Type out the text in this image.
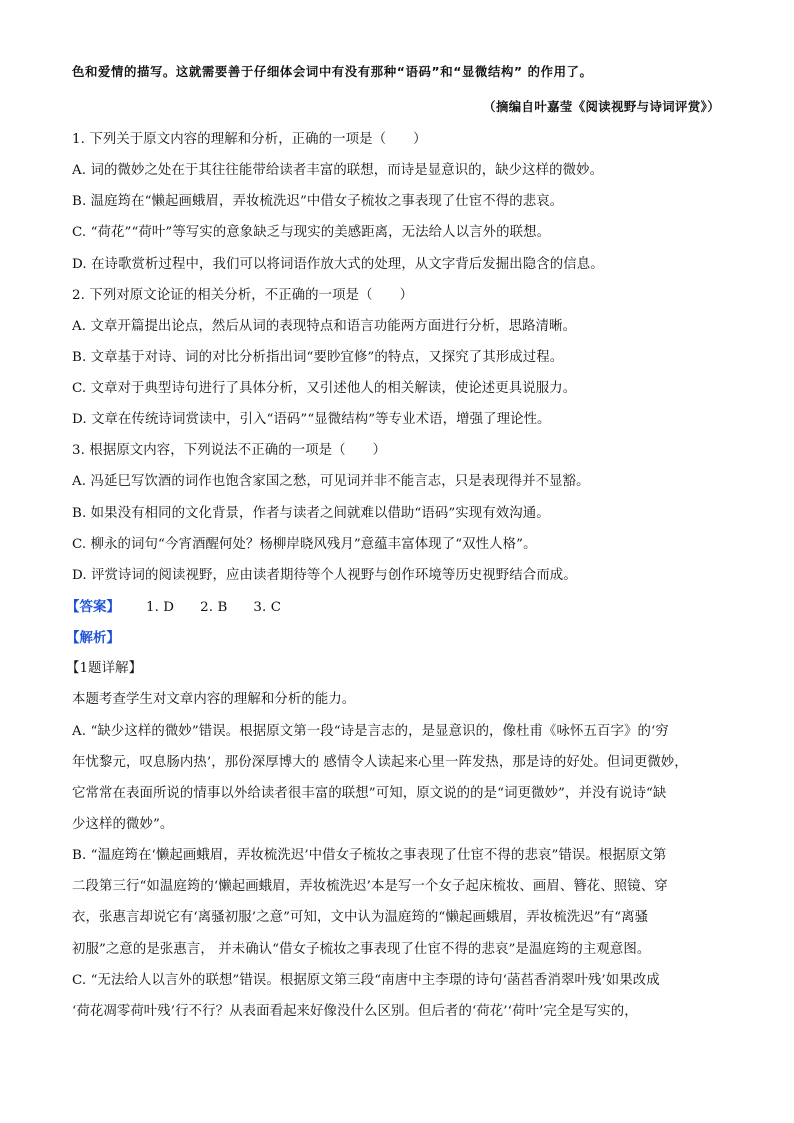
色和爱情的描写。这就需要善于仔细体会词中有没有那种“语码”和“显微结构” 的作用了。
（摘编自叶嘉莹《阅读视野与诗词评赏》）
1. 下列关于原文内容的理解和分析，正确的一项是（　　）
A. 词的微妙之处在于其往往能带给读者丰富的联想，而诗是显意识的，缺少这样的微妙。
B. 温庭筠在“懒起画蛾眉，弄妆梳洗迟”中借女子梳妆之事表现了仕宦不得的悲哀。
C. “荷花”“荷叶”等写实的意象缺乏与现实的美感距离，无法给人以言外的联想。
D. 在诗歌赏析过程中，我们可以将词语作放大式的处理，从文字背后发掘出隐含的信息。
2. 下列对原文论证的相关分析，不正确的一项是（　　）
A. 文章开篇提出论点，然后从词的表现特点和语言功能两方面进行分析，思路清晰。
B. 文章基于对诗、词的对比分析指出词“要眇宜修”的特点，又探究了其形成过程。
C. 文章对于典型诗句进行了具体分析，又引述他人的相关解读，使论述更具说服力。
D. 文章在传统诗词赏读中，引入“语码”“显微结构”等专业术语，增强了理论性。
3. 根据原文内容，下列说法不正确的一项是（　　）
A. 冯延巳写饮酒的词作也饱含家国之愁，可见词并非不能言志，只是表现得并不显豁。
B. 如果没有相同的文化背景，作者与读者之间就难以借助“语码”实现有效沟通。
C. 柳永的词句“今宵酒醒何处？杨柳岸晓风残月”意蕴丰富体现了“双性人格”。
D. 评赏诗词的阅读视野，应由读者期待等个人视野与创作环境等历史视野结合而成。
【答案】 1. D 2. B 3. C
【解析】
【1题详解】
本题考查学生对文章内容的理解和分析的能力。
A. “缺少这样的微妙”错误。根据原文第一段“诗是言志的，是显意识的，像杜甫《咏怀五百字》的‘穷
年忧黎元，叹息肠内热’，那份深厚博大的 感情令人读起来心里一阵发热，那是诗的好处。但词更微妙，
它常常在表面所说的情事以外给读者很丰富的联想”可知，原文说的的是“词更微妙”，并没有说诗“缺
少这样的微妙”。
B. “温庭筠在‘懒起画蛾眉，弄妆梳洗迟’中借女子梳妆之事表现了仕宦不得的悲哀”错误。根据原文第
二段第三行“如温庭筠的‘懒起画蛾眉，弄妆梳洗迟’本是写一个女子起床梳妆、画眉、簪花、照镜、穿
衣，张惠言却说它有‘离骚初服’之意”可知，文中认为温庭筠的“懒起画蛾眉，弄妆梳洗迟”有“离骚
初服”之意的是张惠言， 并未确认“借女子梳妆之事表现了仕宦不得的悲哀”是温庭筠的主观意图。
C. “无法给人以言外的联想”错误。根据原文第三段“南唐中主李璟的诗句‘菡萏香消翠叶残’如果改成
‘荷花凋零荷叶残’行不行？从表面看起来好像没什么区别。但后者的‘荷花’‘荷叶’完全是写实的，
